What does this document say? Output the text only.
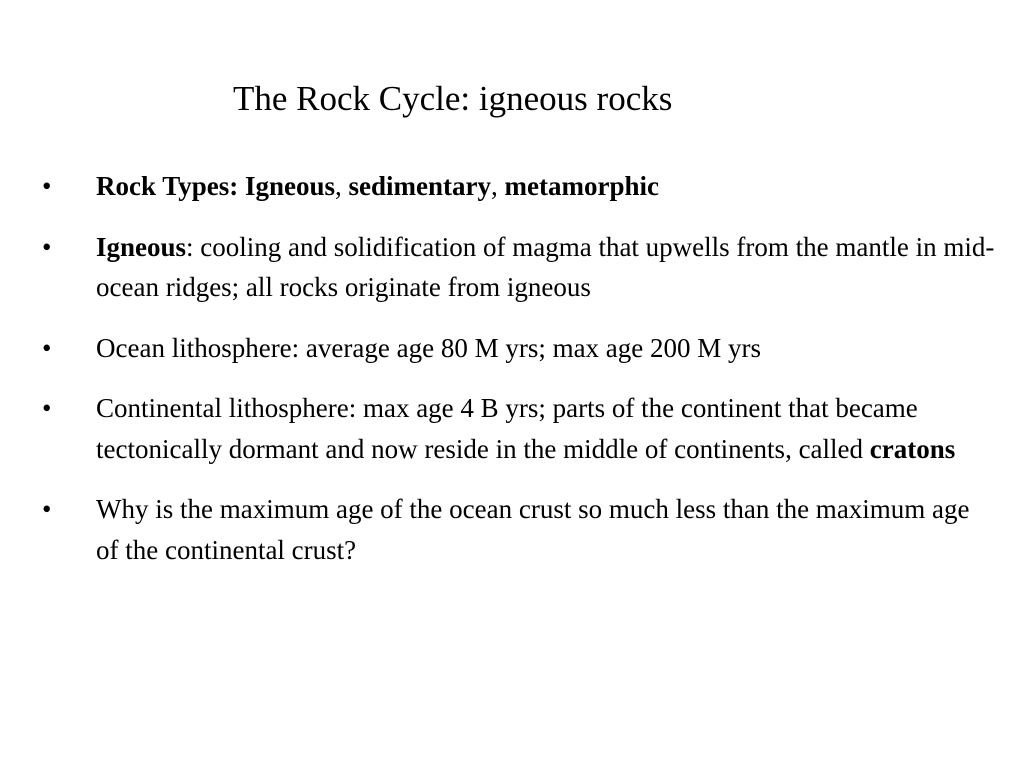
The Rock Cycle: igneous rocks
• Rock Types: Igneous, sedimentary, metamorphic
• Igneous: cooling and solidification of magma that upwells from the mantle in mid-ocean ridges; all rocks originate from igneous
• Ocean lithosphere: average age 80 M yrs; max age 200 M yrs
• Continental lithosphere: max age 4 B yrs; parts of the continent that became tectonically dormant and now reside in the middle of continents, called cratons
• Why is the maximum age of the ocean crust so much less than the maximum age of the continental crust?
